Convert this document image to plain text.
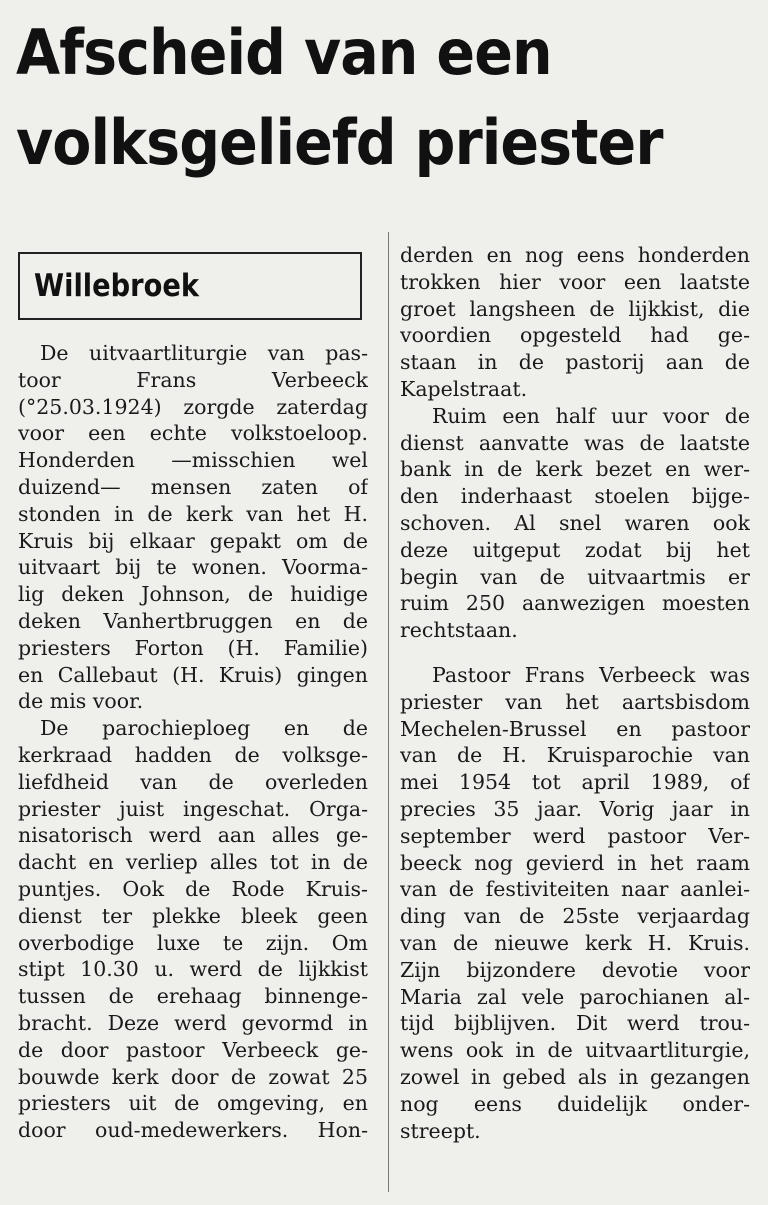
Afscheid van een
volksgeliefd priester
Willebroek
De uitvaartliturgie van pas-
toor Frans Verbeeck
(°25.03.1924) zorgde zaterdag
voor een echte volkstoeloop.
Honderden —misschien wel
duizend— mensen zaten of
stonden in de kerk van het H.
Kruis bij elkaar gepakt om de
uitvaart bij te wonen. Voorma-
lig deken Johnson, de huidige
deken Vanhertbruggen en de
priesters Forton (H. Familie)
en Callebaut (H. Kruis) gingen
de mis voor.
De parochieploeg en de
kerkraad hadden de volksge-
liefdheid van de overleden
priester juist ingeschat. Orga-
nisatorisch werd aan alles ge-
dacht en verliep alles tot in de
puntjes. Ook de Rode Kruis-
dienst ter plekke bleek geen
overbodige luxe te zijn. Om
stipt 10.30 u. werd de lijkkist
tussen de erehaag binnenge-
bracht. Deze werd gevormd in
de door pastoor Verbeeck ge-
bouwde kerk door de zowat 25
priesters uit de omgeving, en
door oud-medewerkers. Hon-
derden en nog eens honderden
trokken hier voor een laatste
groet langsheen de lijkkist, die
voordien opgesteld had ge-
staan in de pastorij aan de
Kapelstraat.
Ruim een half uur voor de
dienst aanvatte was de laatste
bank in de kerk bezet en wer-
den inderhaast stoelen bijge-
schoven. Al snel waren ook
deze uitgeput zodat bij het
begin van de uitvaartmis er
ruim 250 aanwezigen moesten
rechtstaan.
Pastoor Frans Verbeeck was
priester van het aartsbisdom
Mechelen-Brussel en pastoor
van de H. Kruisparochie van
mei 1954 tot april 1989, of
precies 35 jaar. Vorig jaar in
september werd pastoor Ver-
beeck nog gevierd in het raam
van de festiviteiten naar aanlei-
ding van de 25ste verjaardag
van de nieuwe kerk H. Kruis.
Zijn bijzondere devotie voor
Maria zal vele parochianen al-
tijd bijblijven. Dit werd trou-
wens ook in de uitvaartliturgie,
zowel in gebed als in gezangen
nog eens duidelijk onder-
streept.
